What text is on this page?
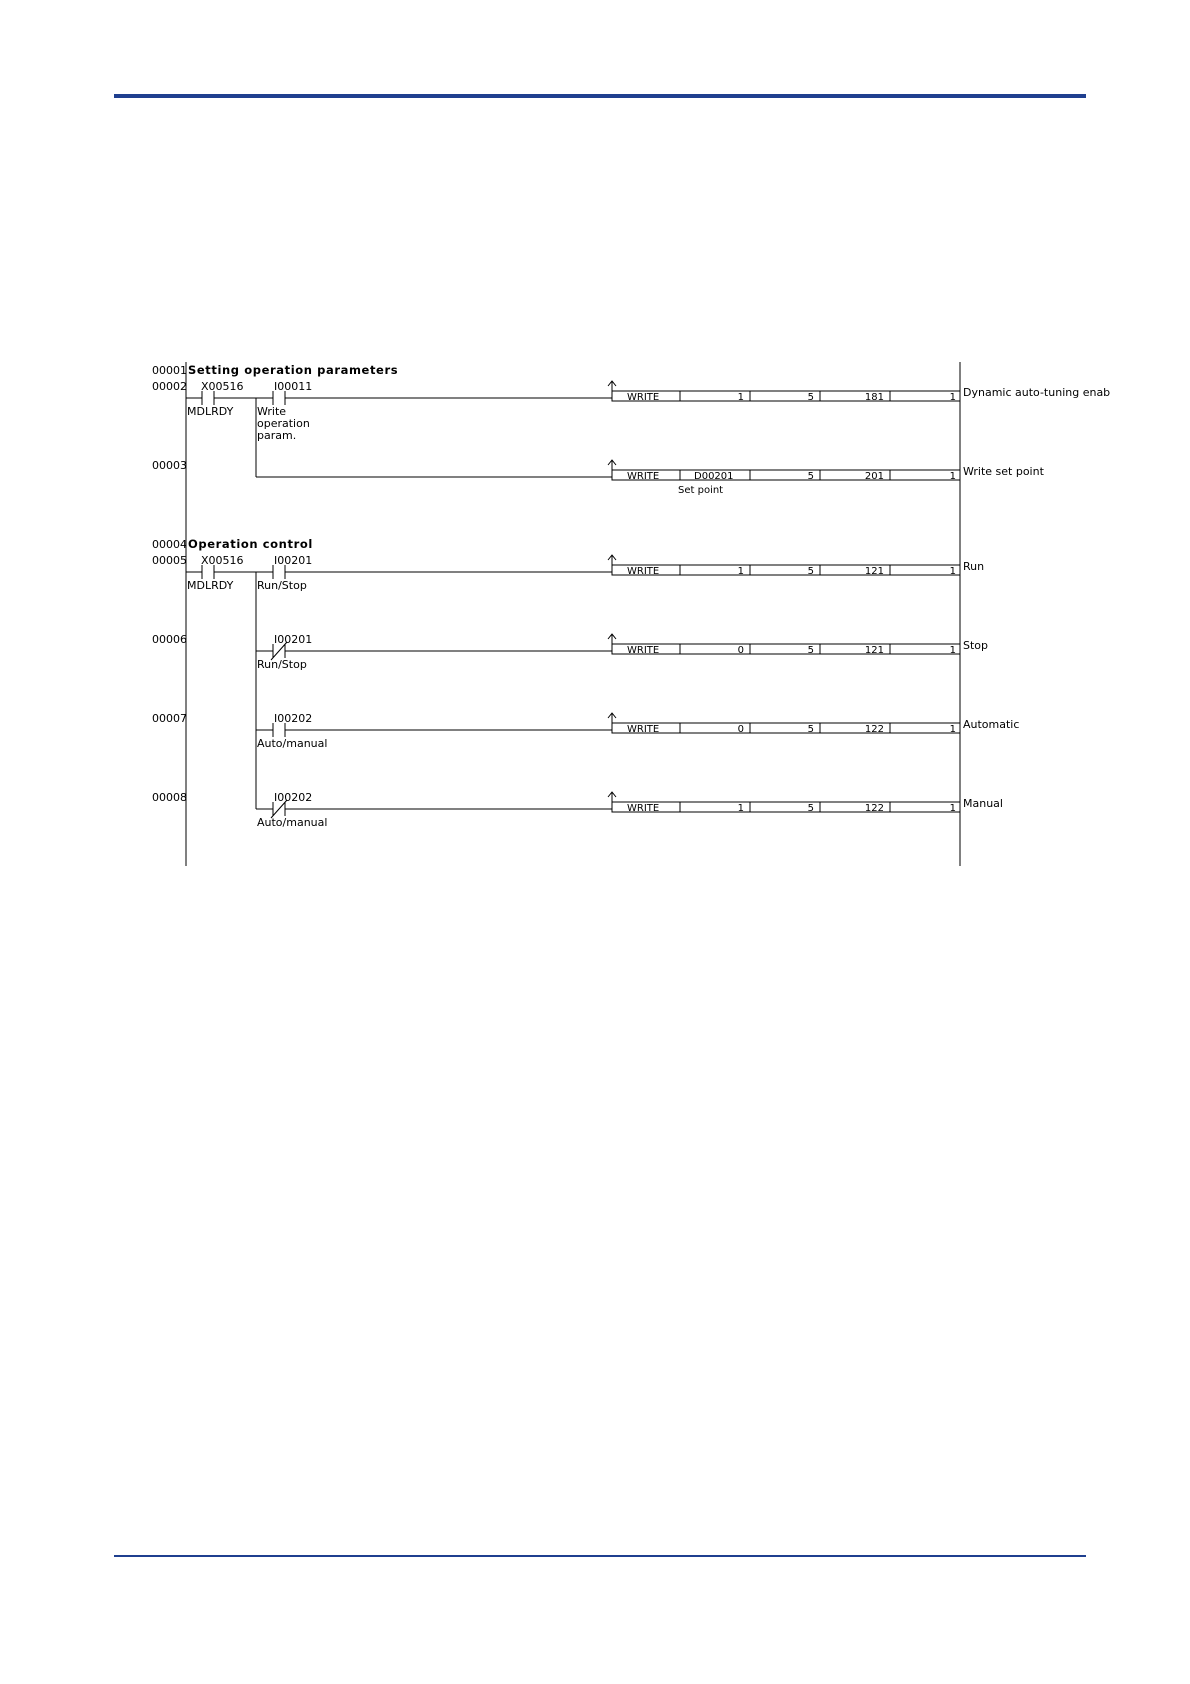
00001
00002
00003
00004
00005
00006
00007
00008
Setting operation parameters
Operation control
X00516
MDLRDY
I00011
Write
operation
param.
X00516
MDLRDY
I00201
Run/Stop
I00201
Run/Stop
I00202
Auto/manual
I00202
Auto/manual
WRITE	1	5	181	1
WRITE	D00201	5	201	1
WRITE	1	5	121	1
WRITE	0	5	121	1
WRITE	0	5	122	1
WRITE	1	5	122	1
Set point
Dynamic auto-tuning enab
Write set point
Run
Stop
Automatic
Manual
